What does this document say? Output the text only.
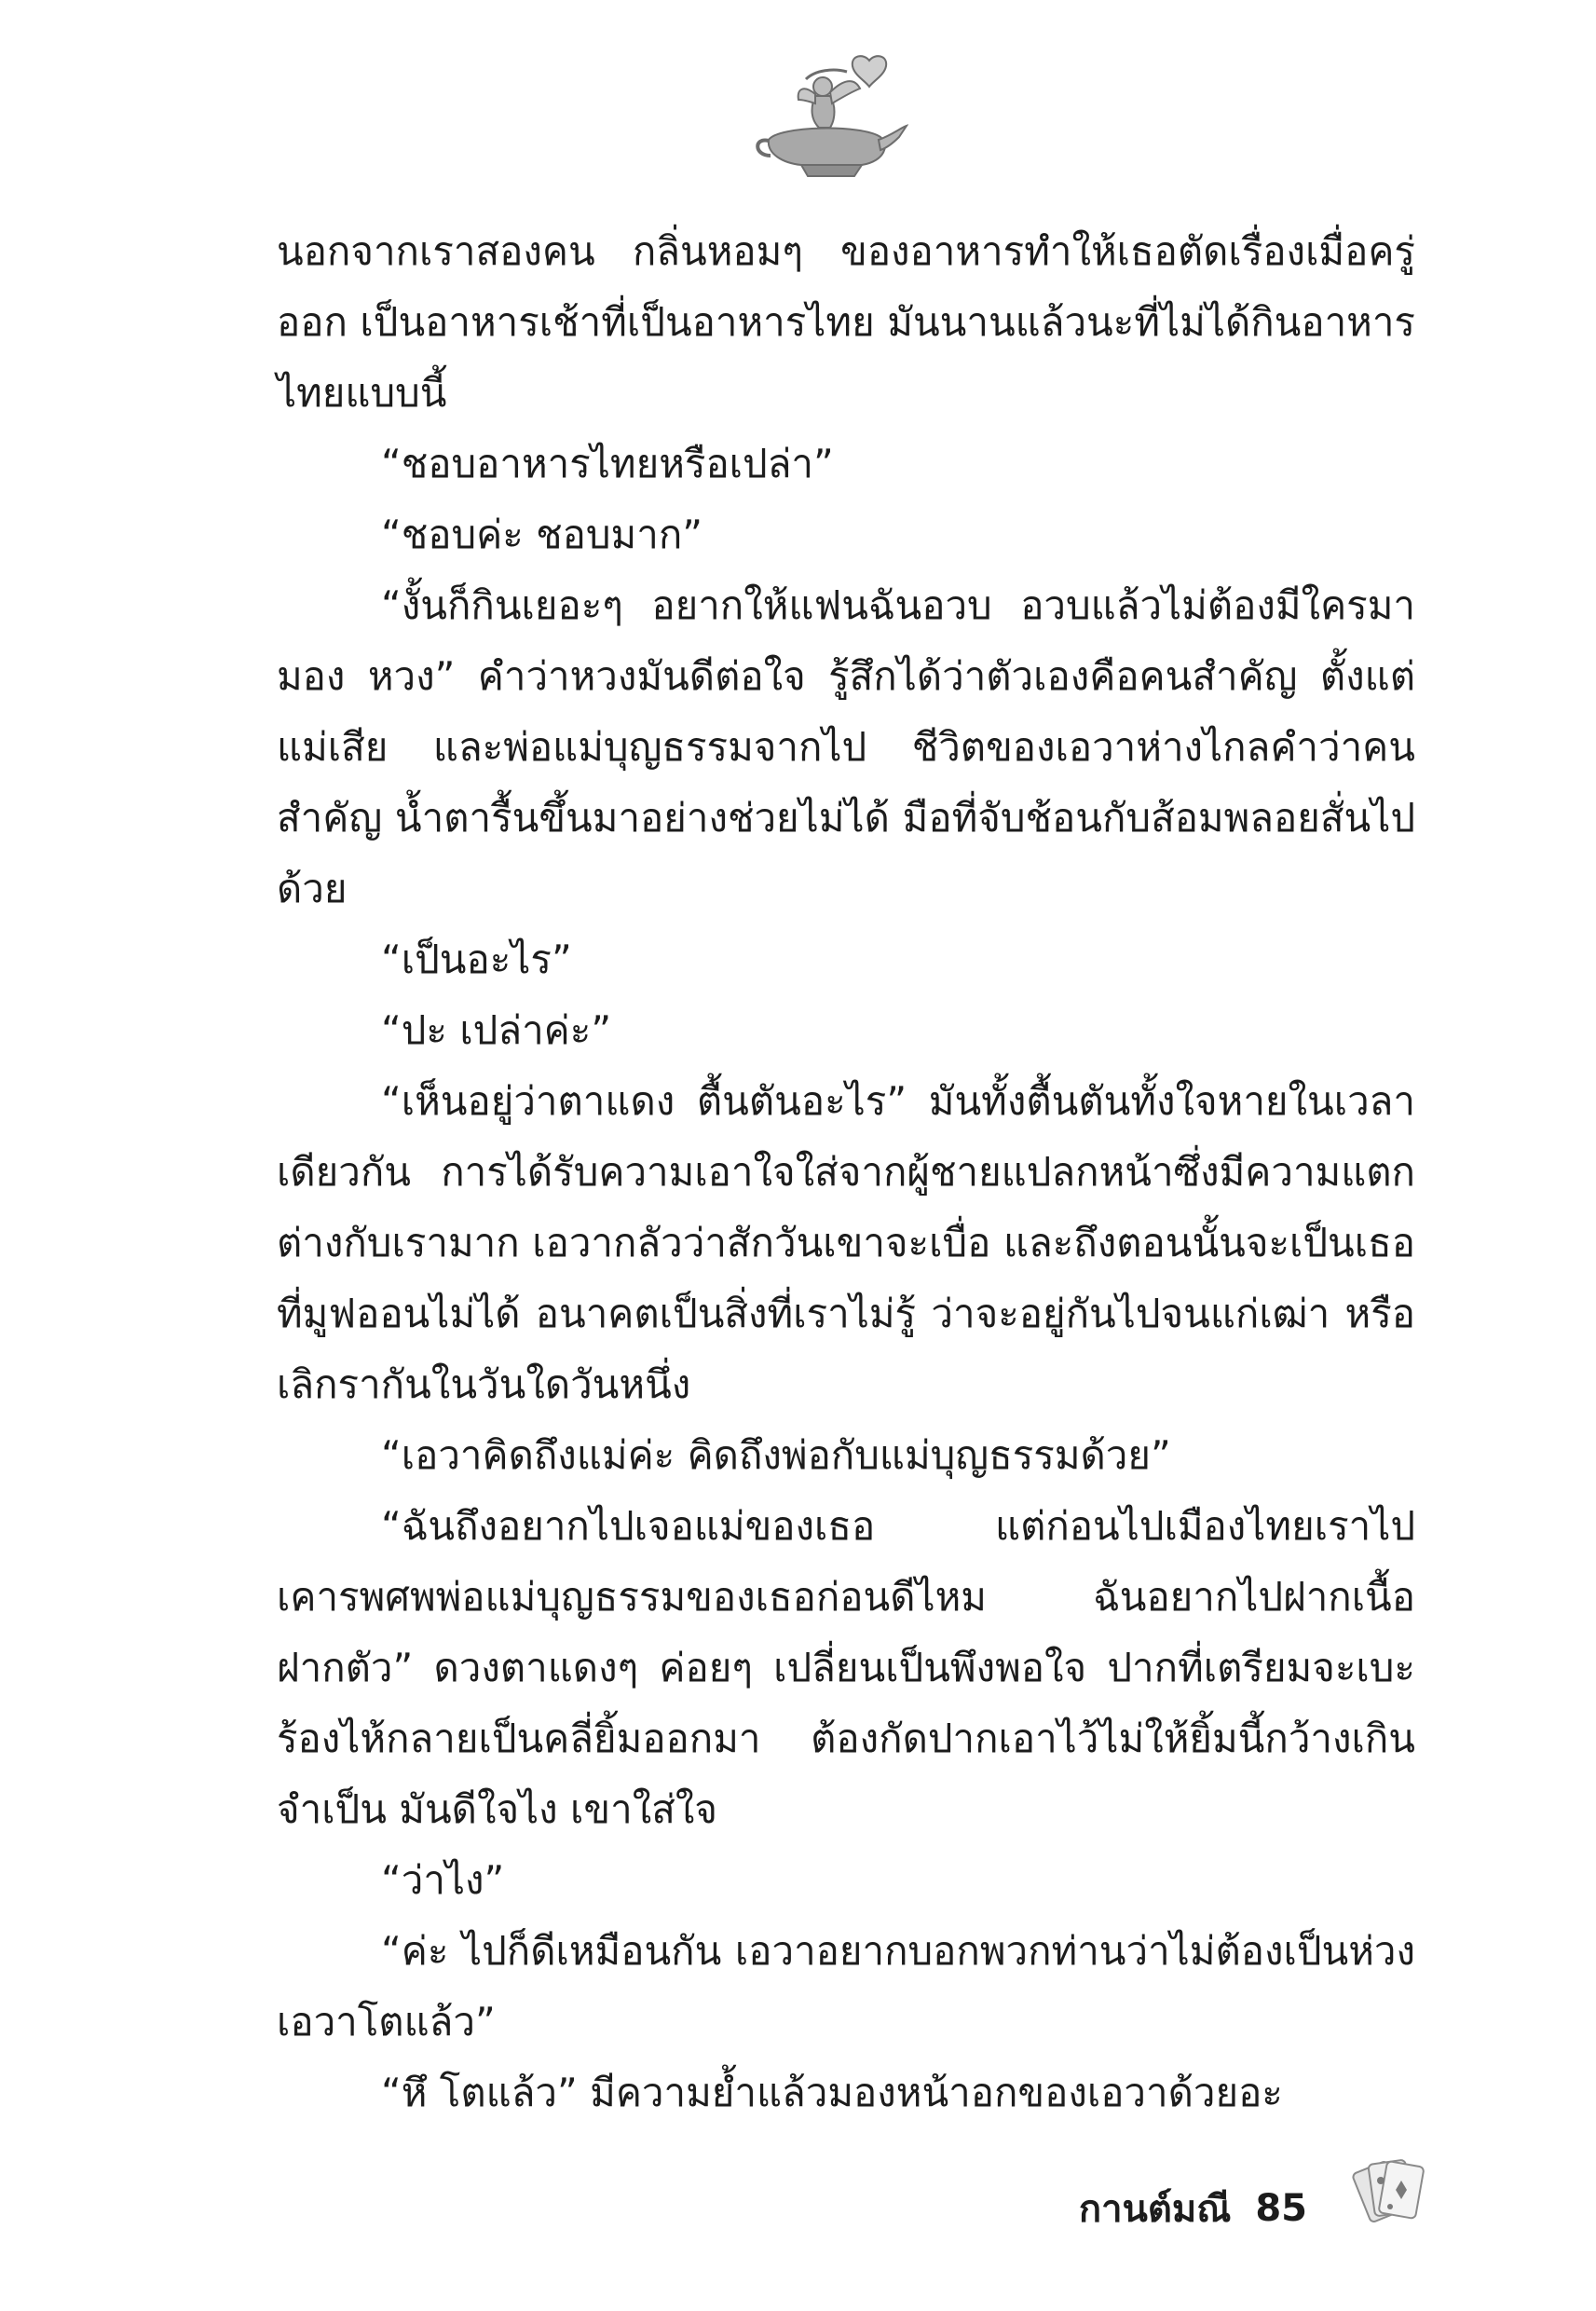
นอกจากเราสองคน กลิ่นหอมๆ ของอาหารทำให้เธอตัดเรื่องเมื่อครู่ออก เป็นอาหารเช้าที่เป็นอาหารไทย มันนานแล้วนะที่ไม่ได้กินอาหารไทยแบบนี้

“ชอบอาหารไทยหรือเปล่า”

“ชอบค่ะ ชอบมาก”

“งั้นก็กินเยอะๆ อยากให้แฟนฉันอวบ อวบแล้วไม่ต้องมีใครมามอง หวง” คำว่าหวงมันดีต่อใจ รู้สึกได้ว่าตัวเองคือคนสำคัญ ตั้งแต่แม่เสีย และพ่อแม่บุญธรรมจากไป ชีวิตของเอวาห่างไกลคำว่าคนสำคัญ น้ำตารื้นขึ้นมาอย่างช่วยไม่ได้ มือที่จับช้อนกับส้อมพลอยสั่นไปด้วย

“เป็นอะไร”

“ปะ เปล่าค่ะ”

“เห็นอยู่ว่าตาแดง ตื้นตันอะไร” มันทั้งตื้นตันทั้งใจหายในเวลาเดียวกัน การได้รับความเอาใจใส่จากผู้ชายแปลกหน้าซึ่งมีความแตกต่างกับเรามาก เอวากลัวว่าสักวันเขาจะเบื่อ และถึงตอนนั้นจะเป็นเธอที่มูฟออนไม่ได้ อนาคตเป็นสิ่งที่เราไม่รู้ ว่าจะอยู่กันไปจนแก่เฒ่า หรือเลิกรากันในวันใดวันหนึ่ง

“เอวาคิดถึงแม่ค่ะ คิดถึงพ่อกับแม่บุญธรรมด้วย”

“ฉันถึงอยากไปเจอแม่ของเธอ แต่ก่อนไปเมืองไทยเราไปเคารพศพพ่อแม่บุญธรรมของเธอก่อนดีไหม ฉันอยากไปฝากเนื้อฝากตัว” ดวงตาแดงๆ ค่อยๆ เปลี่ยนเป็นพึงพอใจ ปากที่เตรียมจะเบะร้องไห้กลายเป็นคลี่ยิ้มออกมา ต้องกัดปากเอาไว้ไม่ให้ยิ้มนี้กว้างเกินจำเป็น มันดีใจไง เขาใส่ใจ

“ว่าไง”

“ค่ะ ไปก็ดีเหมือนกัน เอวาอยากบอกพวกท่านว่าไม่ต้องเป็นห่วงเอวาโตแล้ว”

“หึ โตแล้ว” มีความย้ำแล้วมองหน้าอกของเอวาด้วยอะ

กานต์มณี 85
